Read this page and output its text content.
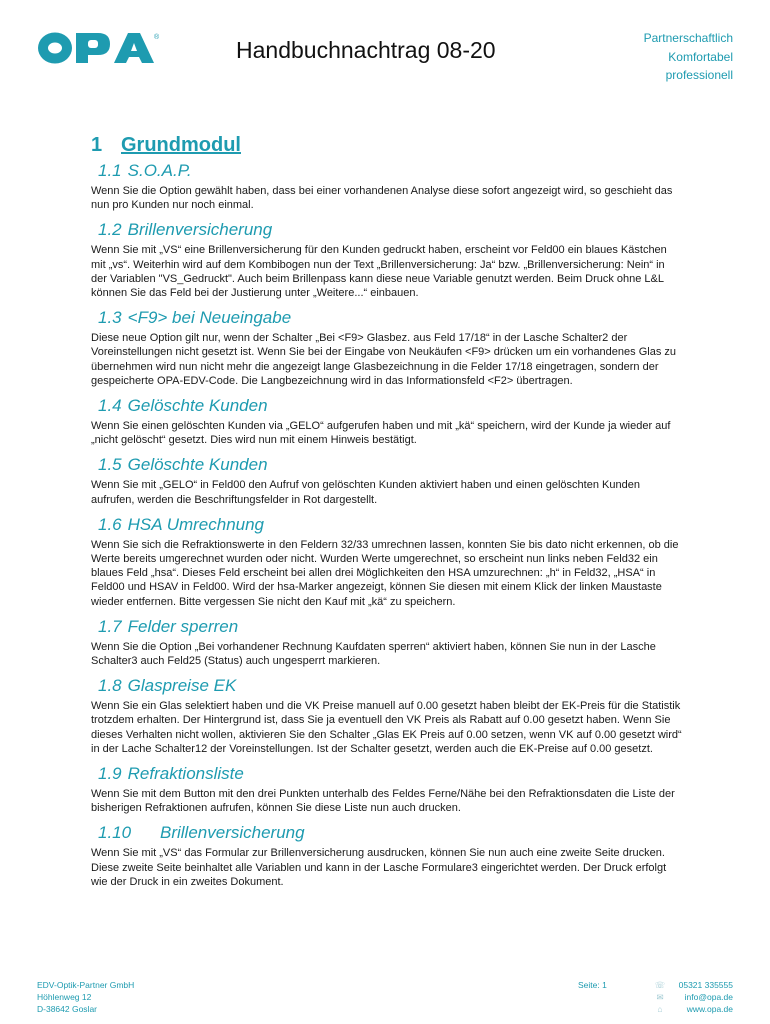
®	Handbuchnachtrag 08-20	Partnerschaftlich
Komfortabel
professionell
1 Grundmodul
1.1 S.O.A.P.

Wenn Sie die Option gewählt haben, dass bei einer vorhandenen Analyse diese sofort angezeigt wird, so geschieht das nun pro Kunden nur noch einmal.

1.2 Brillenversicherung

Wenn Sie mit „VS“ eine Brillenversicherung für den Kunden gedruckt haben, erscheint vor Feld00 ein blaues Kästchen mit „vs“. Weiterhin wird auf dem Kombibogen nun der Text „Brillenversicherung: Ja“ bzw. „Brillenversicherung: Nein“ in der Variablen "VS_Gedruckt". Auch beim Brillenpass kann diese neue Variable genutzt werden. Beim Druck ohne L&L können Sie das Feld bei der Justierung unter „Weitere...“ einbauen.

1.3 <F9> bei Neueingabe

Diese neue Option gilt nur, wenn der Schalter „Bei <F9> Glasbez. aus Feld 17/18“ in der Lasche Schalter2 der Voreinstellungen nicht gesetzt ist. Wenn Sie bei der Eingabe von Neukäufen <F9> drücken um ein vorhandenes Glas zu übernehmen wird nun nicht mehr die angezeigt lange Glasbezeichnung in die Felder 17/18 eingetragen, sondern der gespeicherte OPA-EDV-Code. Die Langbezeichnung wird in das Informationsfeld <F2> übertragen.

1.4 Gelöschte Kunden

Wenn Sie einen gelöschten Kunden via „GELO“ aufgerufen haben und mit „kä“ speichern, wird der Kunde ja wieder auf „nicht gelöscht“ gesetzt. Dies wird nun mit einem Hinweis bestätigt.

1.5 Gelöschte Kunden

Wenn Sie mit „GELO“ in Feld00 den Aufruf von gelöschten Kunden aktiviert haben und einen gelöschten Kunden aufrufen, werden die Beschriftungsfelder in Rot dargestellt.

1.6 HSA Umrechnung

Wenn Sie sich die Refraktionswerte in den Feldern 32/33 umrechnen lassen, konnten Sie bis dato nicht erkennen, ob die Werte bereits umgerechnet wurden oder nicht. Wurden Werte umgerechnet, so erscheint nun links neben Feld32 ein blaues Feld „hsa“. Dieses Feld erscheint bei allen drei Möglichkeiten den HSA umzurechnen: „h“ in Feld32, „HSA“ in Feld00 und HSAV in Feld00. Wird der hsa-Marker angezeigt, können Sie diesen mit einem Klick der linken Maustaste wieder entfernen. Bitte vergessen Sie nicht den Kauf mit „kä“ zu speichern.

1.7 Felder sperren

Wenn Sie die Option „Bei vorhandener Rechnung Kaufdaten sperren“ aktiviert haben, können Sie nun in der Lasche Schalter3 auch Feld25 (Status) auch ungesperrt markieren.

1.8 Glaspreise EK

Wenn Sie ein Glas selektiert haben und die VK Preise manuell auf 0.00 gesetzt haben bleibt der EK-Preis für die Statistik trotzdem erhalten. Der Hintergrund ist, dass Sie ja eventuell den VK Preis als Rabatt auf 0.00 gesetzt haben. Wenn Sie dieses Verhalten nicht wollen, aktivieren Sie den Schalter „Glas EK Preis auf 0.00 setzen, wenn VK auf 0.00 gesetzt wird“ in der Lache Schalter12 der Voreinstellungen. Ist der Schalter gesetzt, werden auch die EK-Preise auf 0.00 gesetzt.

1.9 Refraktionsliste

Wenn Sie mit dem Button mit den drei Punkten unterhalb des Feldes Ferne/Nähe bei den Refraktionsdaten die Liste der bisherigen Refraktionen aufrufen, können Sie diese Liste nun auch drucken.

1.10	Brillenversicherung

Wenn Sie mit „VS“ das Formular zur Brillenversicherung ausdrucken, können Sie nun auch eine zweite Seite drucken. Diese zweite Seite beinhaltet alle Variablen und kann in der Lasche Formulare3 eingerichtet werden. Der Druck erfolgt wie der Druck in ein zweites Dokument.

EDV-Optik-Partner GmbH
Höhlenweg 12
D-38642 Goslar
Seite: 1	☏
✉
⌂
05321 335555
info@opa.de
www.opa.de
